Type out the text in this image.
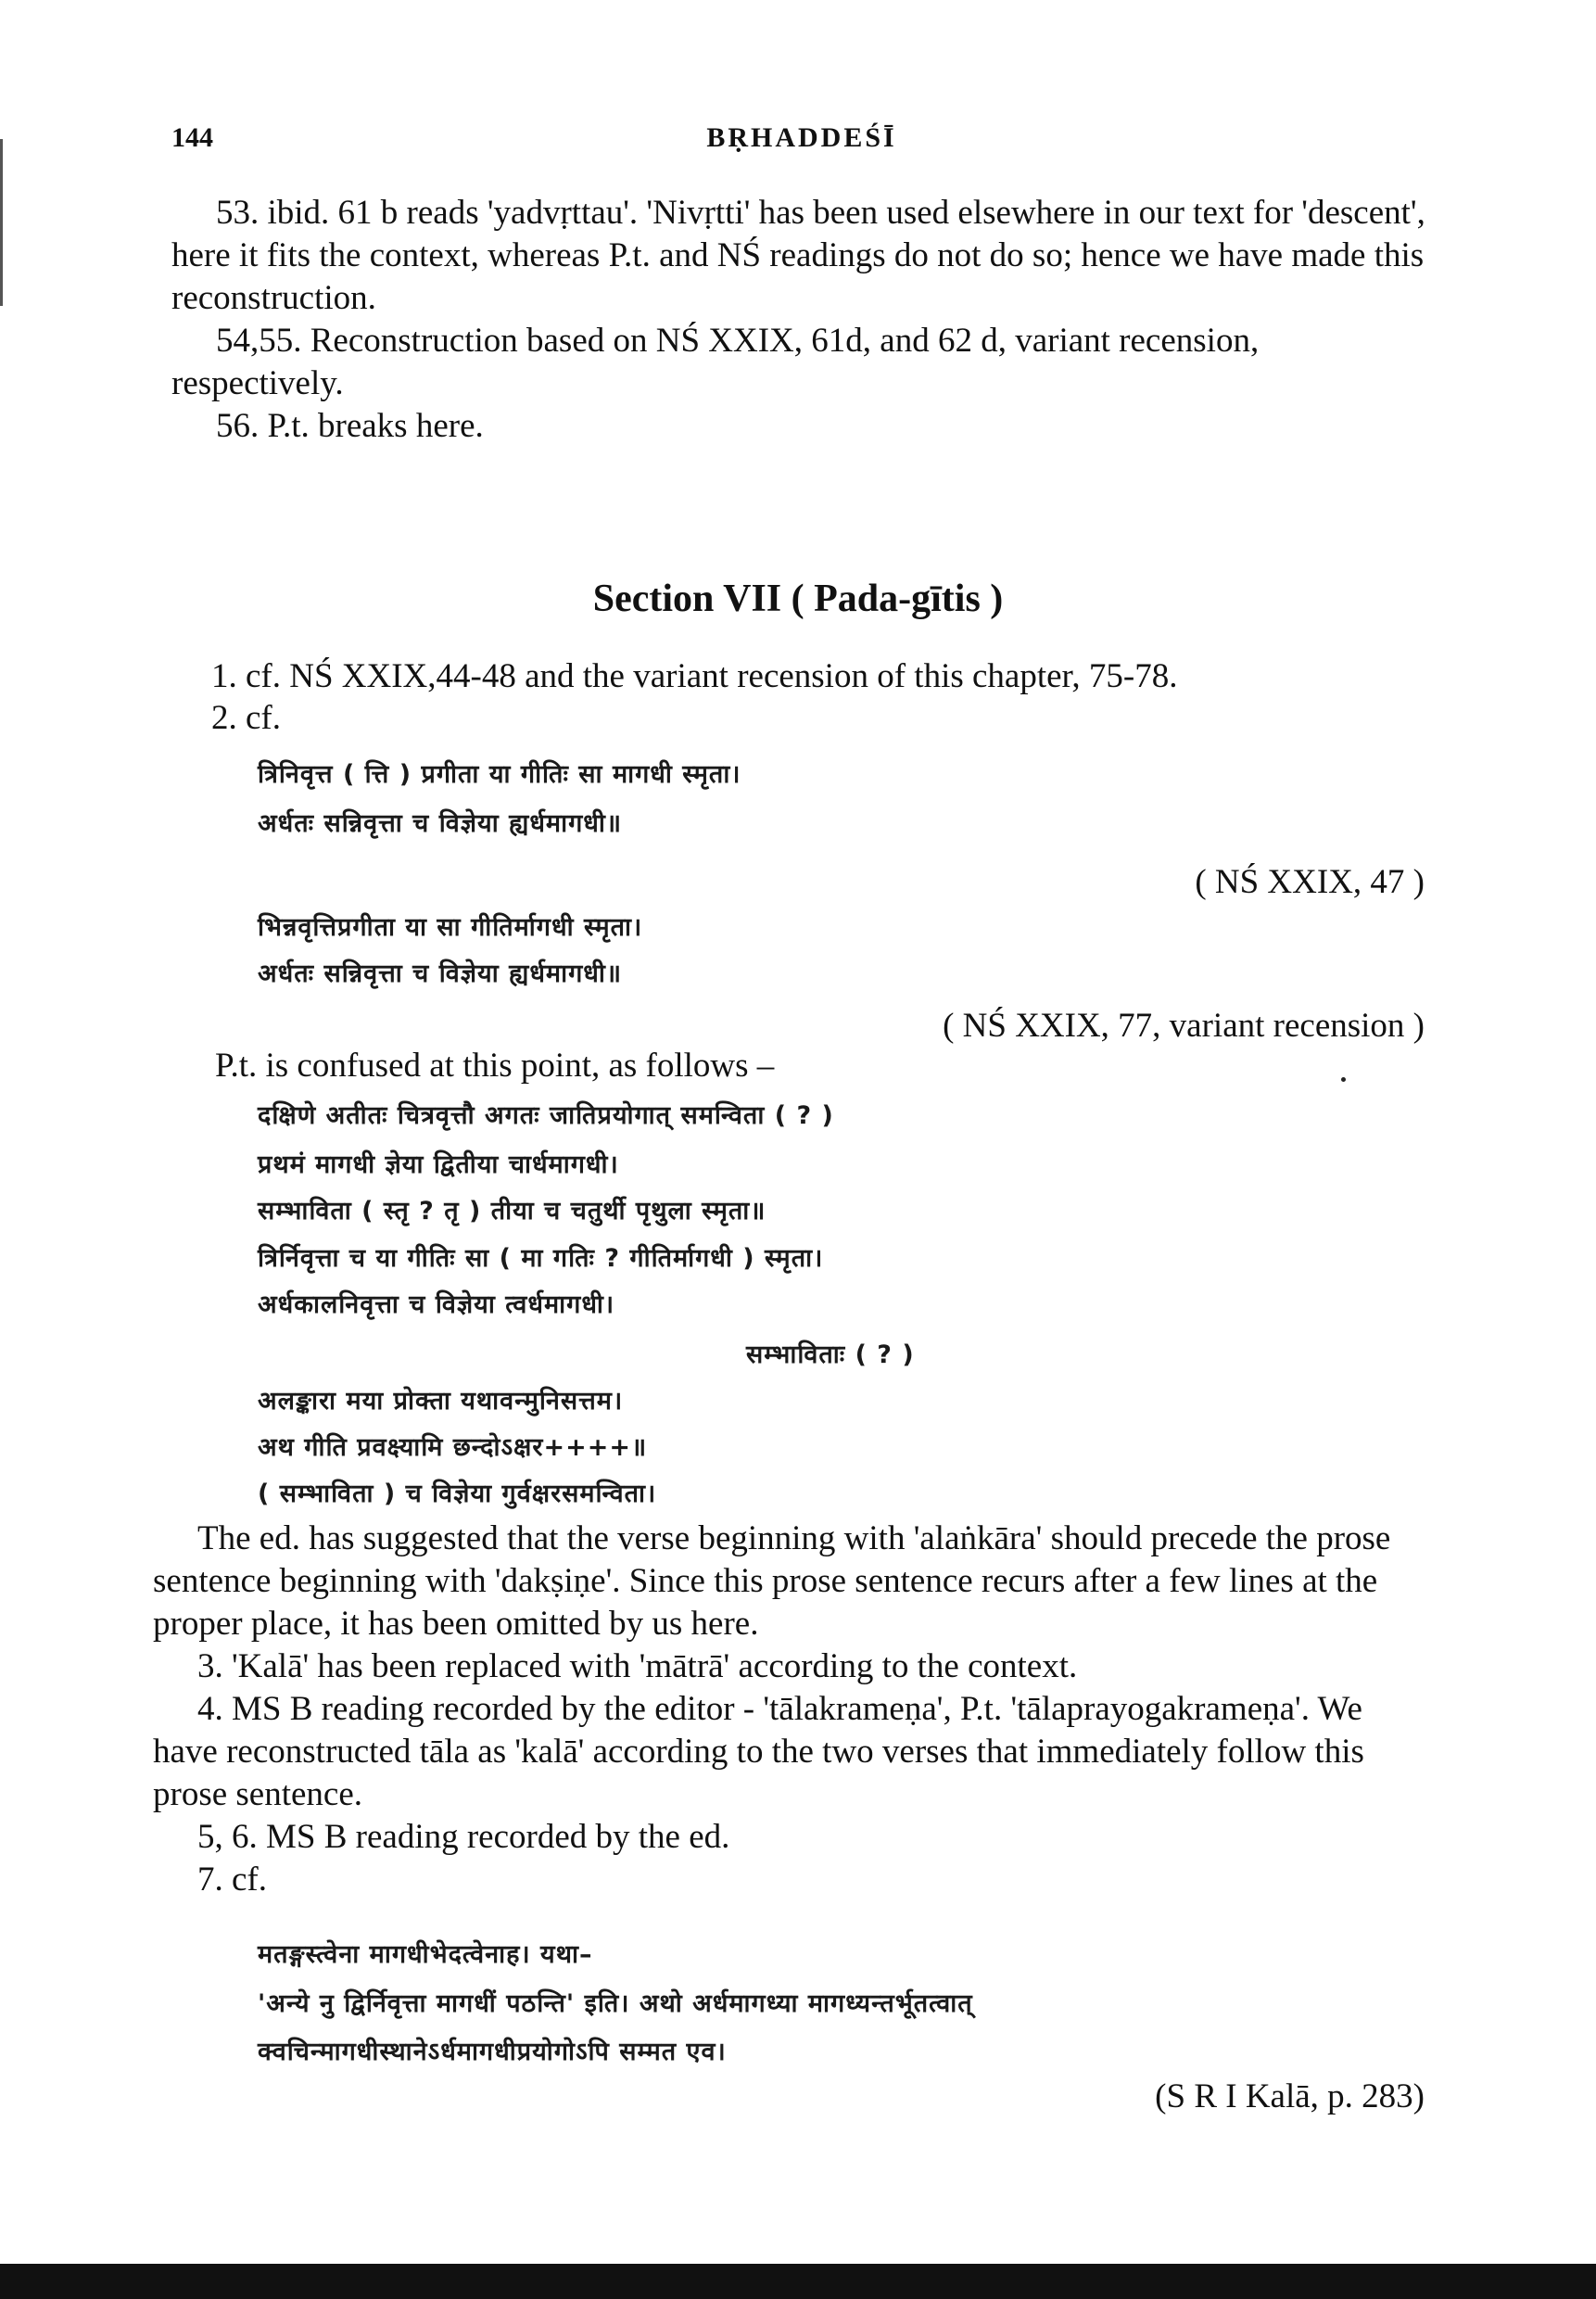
144	BṚHADDEŚĪ

53. ibid. 61 b reads 'yadvṛttau'. 'Nivṛtti' has been used elsewhere in our text for 'descent', here it fits the context, whereas P.t. and NŚ readings do not do so; hence we have made this reconstruction.

54,55. Reconstruction based on NŚ XXIX, 61d, and 62 d, variant recension, respectively.

56. P.t. breaks here.

Section VII ( Pada-gītis )
1. cf. NŚ XXIX,44-48 and the variant recension of this chapter, 75-78.
2. cf.
त्रिनिवृत्त ( त्ति ) प्रगीता या गीतिः सा मागधी स्मृता।
अर्धतः सन्निवृत्ता च विज्ञेया ह्यर्धमागधी॥
( NŚ XXIX, 47 )
भिन्नवृत्तिप्रगीता या सा गीतिर्मागधी स्मृता।
अर्धतः सन्निवृत्ता च विज्ञेया ह्यर्धमागधी॥
( NŚ XXIX, 77, variant recension )
P.t. is confused at this point, as follows –
दक्षिणे अतीतः चित्रवृत्तौ अगतः जातिप्रयोगात् समन्विता ( ? )
प्रथमं मागधी ज्ञेया द्वितीया चार्धमागधी।
सम्भाविता ( स्तृ ? तृ ) तीया च चतुर्थी पृथुला स्मृता॥
त्रिर्निवृत्ता च या गीतिः सा ( मा गतिः ? गीतिर्मागधी ) स्मृता।
अर्धकालनिवृत्ता च विज्ञेया त्वर्धमागधी।
सम्भाविताः ( ? )
अलङ्कारा मया प्रोक्ता यथावन्मुनिसत्तम।
अथ गीति प्रवक्ष्यामि छन्दोऽक्षर++++॥
( सम्भाविता ) च विज्ञेया गुर्वक्षरसमन्विता।

The ed. has suggested that the verse beginning with 'alaṅkāra' should precede the prose sentence beginning with 'dakṣiṇe'. Since this prose sentence recurs after a few lines at the proper place, it has been omitted by us here.

3. 'Kalā' has been replaced with 'mātrā' according to the context.

4. MS B reading recorded by the editor - 'tālakrameṇa', P.t. 'tālaprayogakrameṇa'. We have reconstructed tāla as 'kalā' according to the two verses that immediately follow this prose sentence.

5, 6. MS B reading recorded by the ed.

7. cf.

मतङ्गस्त्वेना मागधीभेदत्वेनाह। यथा–
'अन्ये नु द्विर्निवृत्ता मागधीं पठन्ति' इति। अथो अर्धमागध्या मागध्यन्तर्भूतत्वात्
क्वचिन्मागधीस्थानेऽर्धमागधीप्रयोगोऽपि सम्मत एव।
(S R I Kalā, p. 283)
